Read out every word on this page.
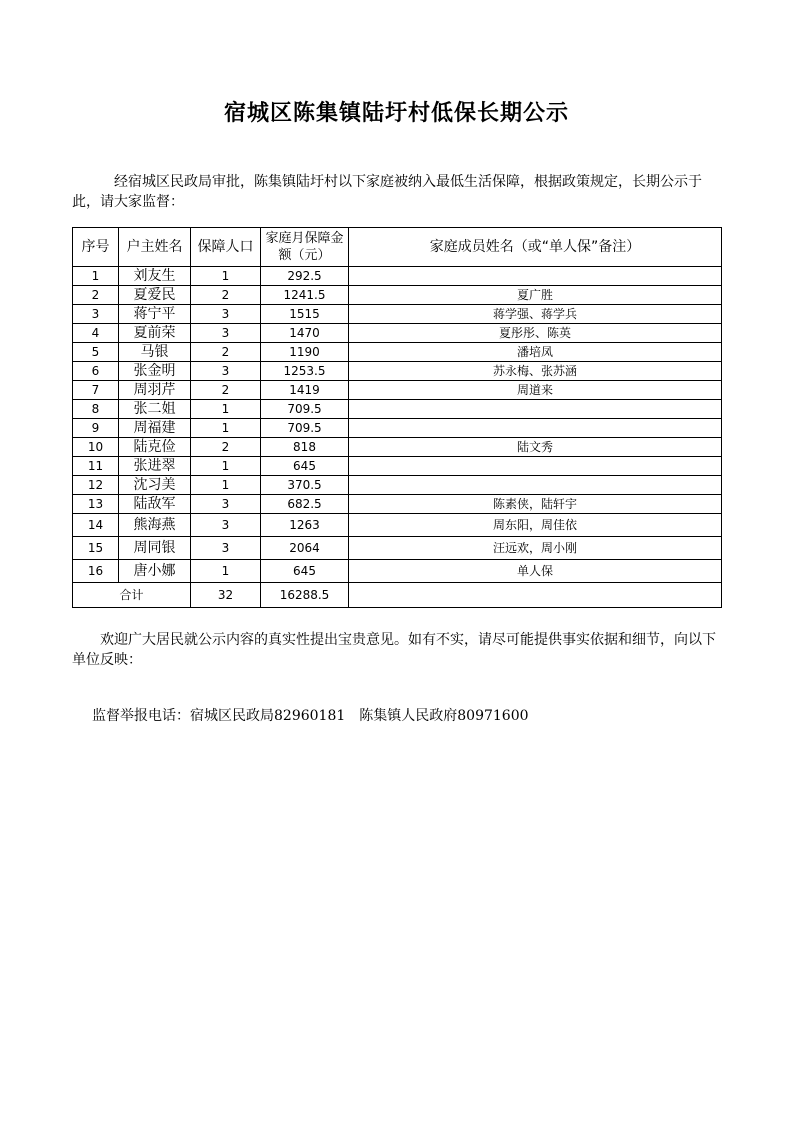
宿城区陈集镇陆圩村低保长期公示
经宿城区民政局审批，陈集镇陆圩村以下家庭被纳入最低生活保障，根据政策规定，长期公示于此，请大家监督：
序号	户主姓名	保障人口	家庭月保障金额（元）	家庭成员姓名（或“单人保”备注）
1	刘友生	1	292.5	
2	夏爱民	2	1241.5	夏广胜
3	蒋宁平	3	1515	蒋学强、蒋学兵
4	夏前荣	3	1470	夏彤彤、陈英
5	马银	2	1190	潘培凤
6	张金明	3	1253.5	苏永梅、张苏涵
7	周羽芹	2	1419	周道来
8	张二姐	1	709.5	
9	周福建	1	709.5	
10	陆克俭	2	818	陆文秀
11	张进翠	1	645	
12	沈习美	1	370.5	
13	陆敌军	3	682.5	陈素侠，陆轩宇
14	熊海燕	3	1263	周东阳，周佳依
15	周同银	3	2064	汪远欢，周小刚
16	唐小娜	1	645	单人保
合计		32	16288.5	
欢迎广大居民就公示内容的真实性提出宝贵意见。如有不实，请尽可能提供事实依据和细节，向以下单位反映：
监督举报电话：宿城区民政局82960181　陈集镇人民政府80971600
